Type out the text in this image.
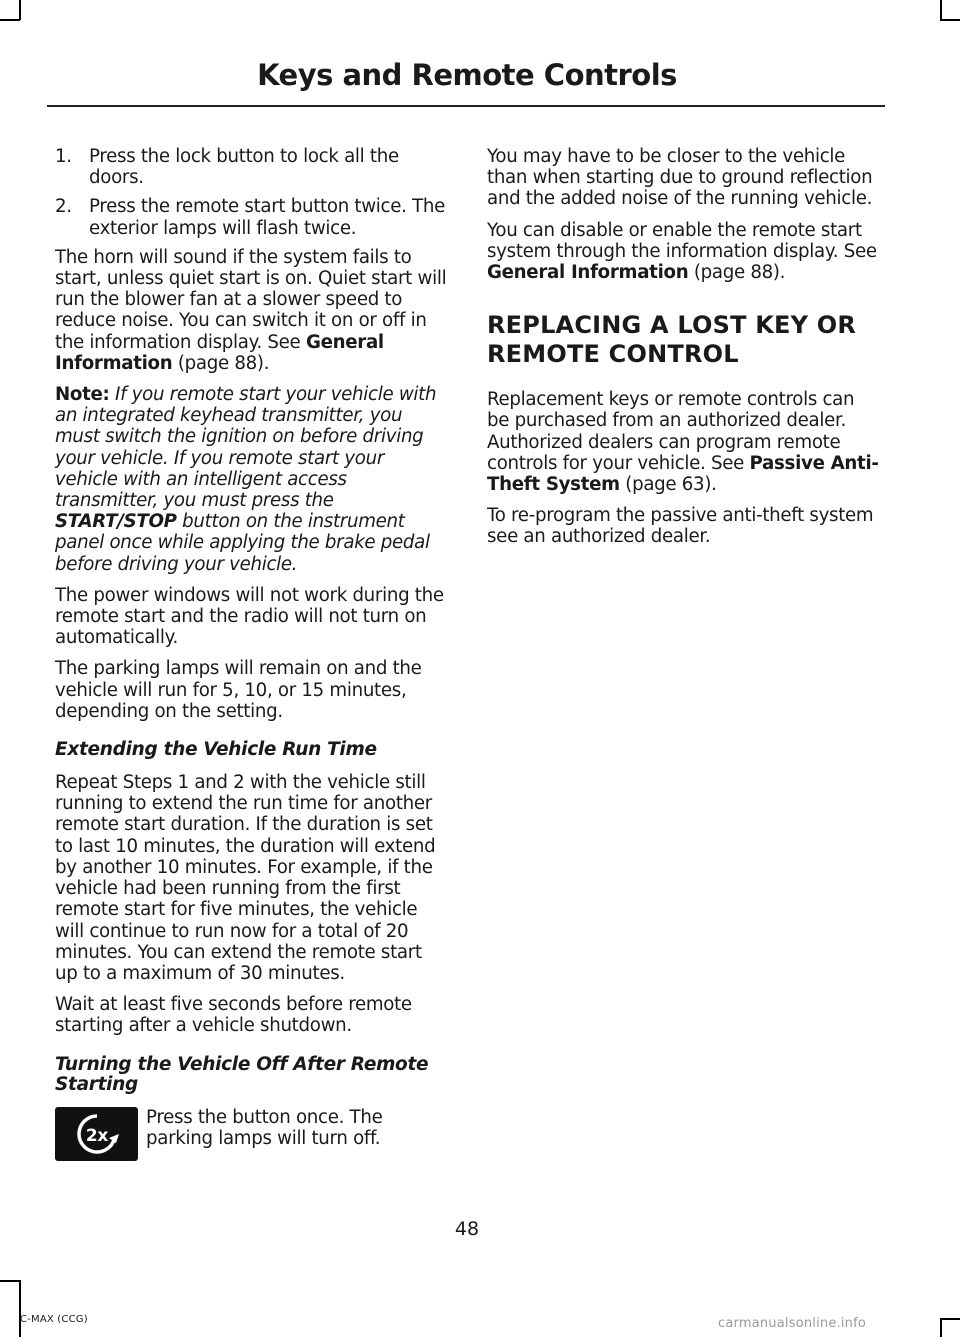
Keys and Remote Controls
1. Press the lock button to lock all the doors.
2. Press the remote start button twice. The exterior lamps will flash twice.

The horn will sound if the system fails to start, unless quiet start is on. Quiet start will run the blower fan at a slower speed to reduce noise. You can switch it on or off in the information display. See General Information (page 88).

Note: If you remote start your vehicle with an integrated keyhead transmitter, you must switch the ignition on before driving your vehicle. If you remote start your vehicle with an intelligent access transmitter, you must press the START/STOP button on the instrument panel once while applying the brake pedal before driving your vehicle.

The power windows will not work during the remote start and the radio will not turn on automatically.

The parking lamps will remain on and the vehicle will run for 5, 10, or 15 minutes, depending on the setting.

Extending the Vehicle Run Time

Repeat Steps 1 and 2 with the vehicle still running to extend the run time for another remote start duration. If the duration is set to last 10 minutes, the duration will extend by another 10 minutes. For example, if the vehicle had been running from the first remote start for five minutes, the vehicle will continue to run now for a total of 20 minutes. You can extend the remote start up to a maximum of 30 minutes.

Wait at least five seconds before remote starting after a vehicle shutdown.

Turning the Vehicle Off After Remote Starting
2x
Press the button once. The parking lamps will turn off.

You may have to be closer to the vehicle than when starting due to ground reflection and the added noise of the running vehicle.

You can disable or enable the remote start system through the information display. See General Information (page 88).

REPLACING A LOST KEY OR
REMOTE CONTROL

Replacement keys or remote controls can be purchased from an authorized dealer. Authorized dealers can program remote controls for your vehicle. See Passive Anti-Theft System (page 63).

To re-program the passive anti-theft system see an authorized dealer.

48
C-MAX (CCG)	carmanualsonline.info
